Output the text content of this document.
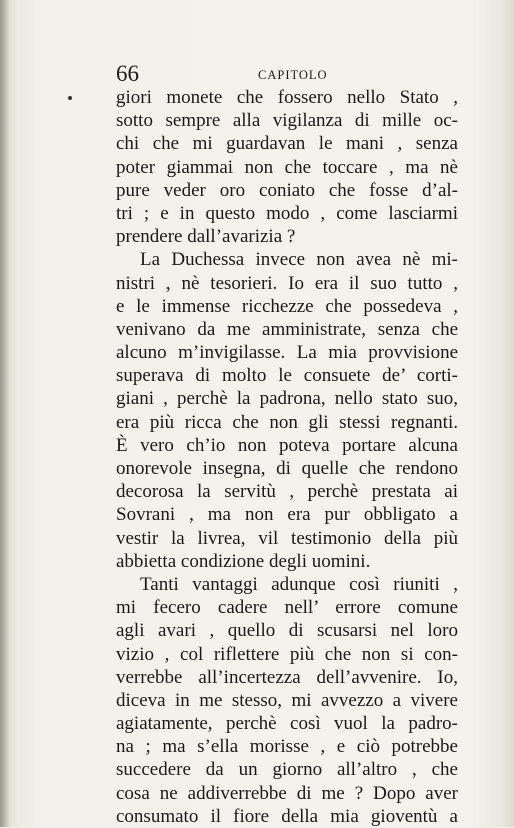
66	CAPITOLO
giori monete che fossero nello Stato ,
sotto sempre alla vigilanza di mille oc-
chi che mi guardavan le mani , senza
poter giammai non che toccare , ma nè
pure veder oro coniato che fosse d’al-
tri ; e in questo modo , come lasciarmi
prendere dall’avarizia ?
La Duchessa invece non avea nè mi-
nistri , nè tesorieri. Io era il suo tutto ,
e le immense ricchezze che possedeva ,
venivano da me amministrate, senza che
alcuno m’invigilasse. La mia provvisione
superava di molto le consuete de’ corti-
giani , perchè la padrona, nello stato suo,
era più ricca che non gli stessi regnanti.
È vero ch’io non poteva portare alcuna
onorevole insegna, di quelle che rendono
decorosa la servitù , perchè prestata ai
Sovrani , ma non era pur obbligato a
vestir la livrea, vil testimonio della più
abbietta condizione degli uomini.
Tanti vantaggi adunque così riuniti ,
mi fecero cadere nell’ errore comune
agli avari , quello di scusarsi nel loro
vizio , col riflettere più che non si con-
verrebbe all’incertezza dell’avvenire. Io,
diceva in me stesso, mi avvezzo a vivere
agiatamente, perchè così vuol la padro-
na ; ma s’ella morisse , e ciò potrebbe
succedere da un giorno all’altro , che
cosa ne addiverrebbe di me ? Dopo aver
consumato il fiore della mia gioventù a
